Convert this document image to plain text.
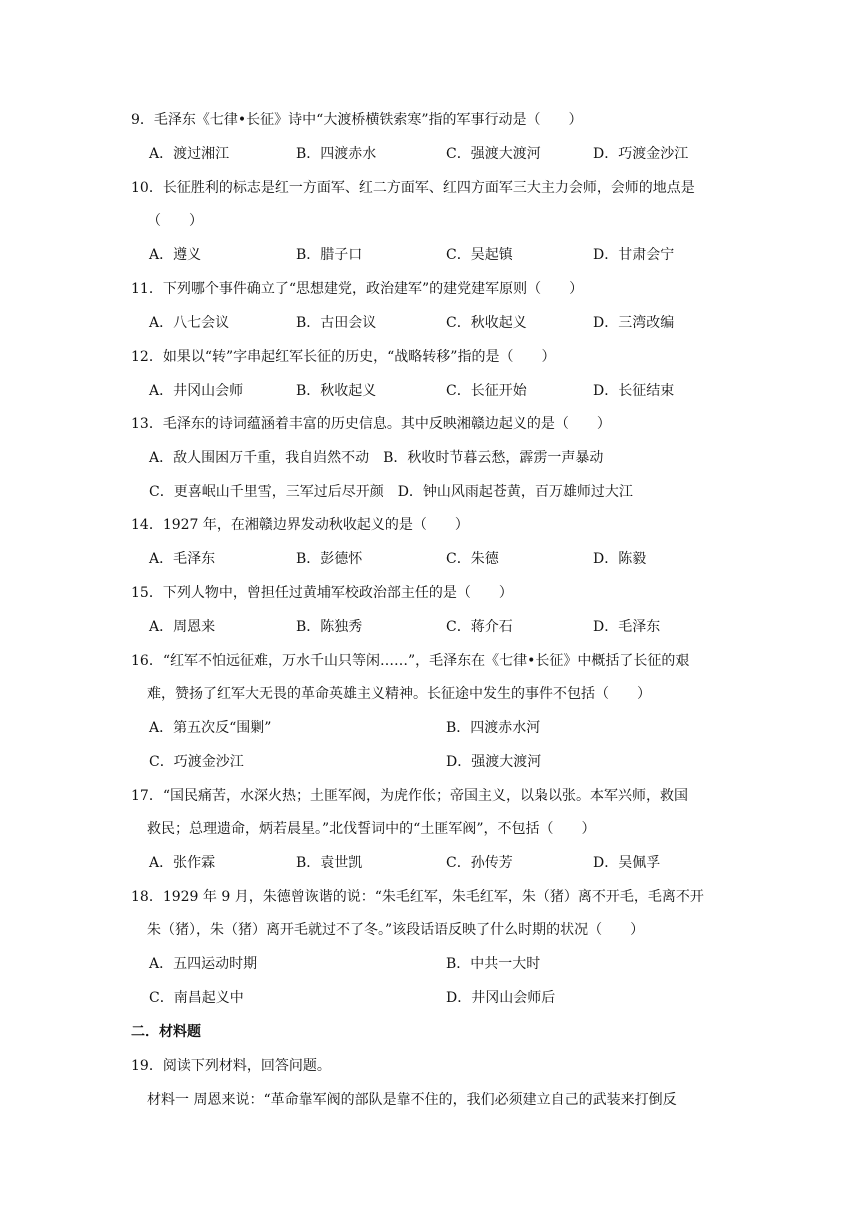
9．毛泽东《七律•长征》诗中“大渡桥横铁索寒”指的军事行动是（　　）
A．渡过湘江	B．四渡赤水	C．强渡大渡河	D．巧渡金沙江
10．长征胜利的标志是红一方面军、红二方面军、红四方面军三大主力会师，会师的地点是
（　　）
A．遵义	B．腊子口	C．吴起镇	D．甘肃会宁
11．下列哪个事件确立了“思想建党，政治建军”的建党建军原则（　　）
A．八七会议	B．古田会议	C．秋收起义	D．三湾改编
12．如果以“转”字串起红军长征的历史，“战略转移”指的是（　　）
A．井冈山会师	B．秋收起义	C．长征开始	D．长征结束
13．毛泽东的诗词蕴涵着丰富的历史信息。其中反映湘赣边起义的是（　　）
A．敌人围困万千重，我自岿然不动　B．秋收时节暮云愁，霹雳一声暴动
C．更喜岷山千里雪，三军过后尽开颜　D．钟山风雨起苍黄，百万雄师过大江
14．1927 年，在湘赣边界发动秋收起义的是（　　）
A．毛泽东	B．彭德怀	C．朱德	D．陈毅
15．下列人物中，曾担任过黄埔军校政治部主任的是（　　）
A．周恩来	B．陈独秀	C．蒋介石	D．毛泽东
16．“红军不怕远征难，万水千山只等闲……”，毛泽东在《七律•长征》中概括了长征的艰
难，赞扬了红军大无畏的革命英雄主义精神。长征途中发生的事件不包括（　　）
A．第五次反“围剿”	B．四渡赤水河
C．巧渡金沙江	D．强渡大渡河
17．“国民痛苦，水深火热；土匪军阀，为虎作伥；帝国主义，以枭以张。本军兴师，救国
救民；总理遗命，炳若晨星。”北伐誓词中的“土匪军阀”，不包括（　　）
A．张作霖	B．袁世凯	C．孙传芳	D．吴佩孚
18．1929 年 9 月，朱德曾诙谐的说：“朱毛红军，朱毛红军，朱（猪）离不开毛，毛离不开
朱（猪），朱（猪）离开毛就过不了冬。”该段话语反映了什么时期的状况（　　）
A．五四运动时期	B．中共一大时
C．南昌起义中	D．井冈山会师后
二．材料题
19．阅读下列材料，回答问题。
材料一 周恩来说：“革命靠军阀的部队是靠不住的，我们必须建立自己的武装来打倒反
